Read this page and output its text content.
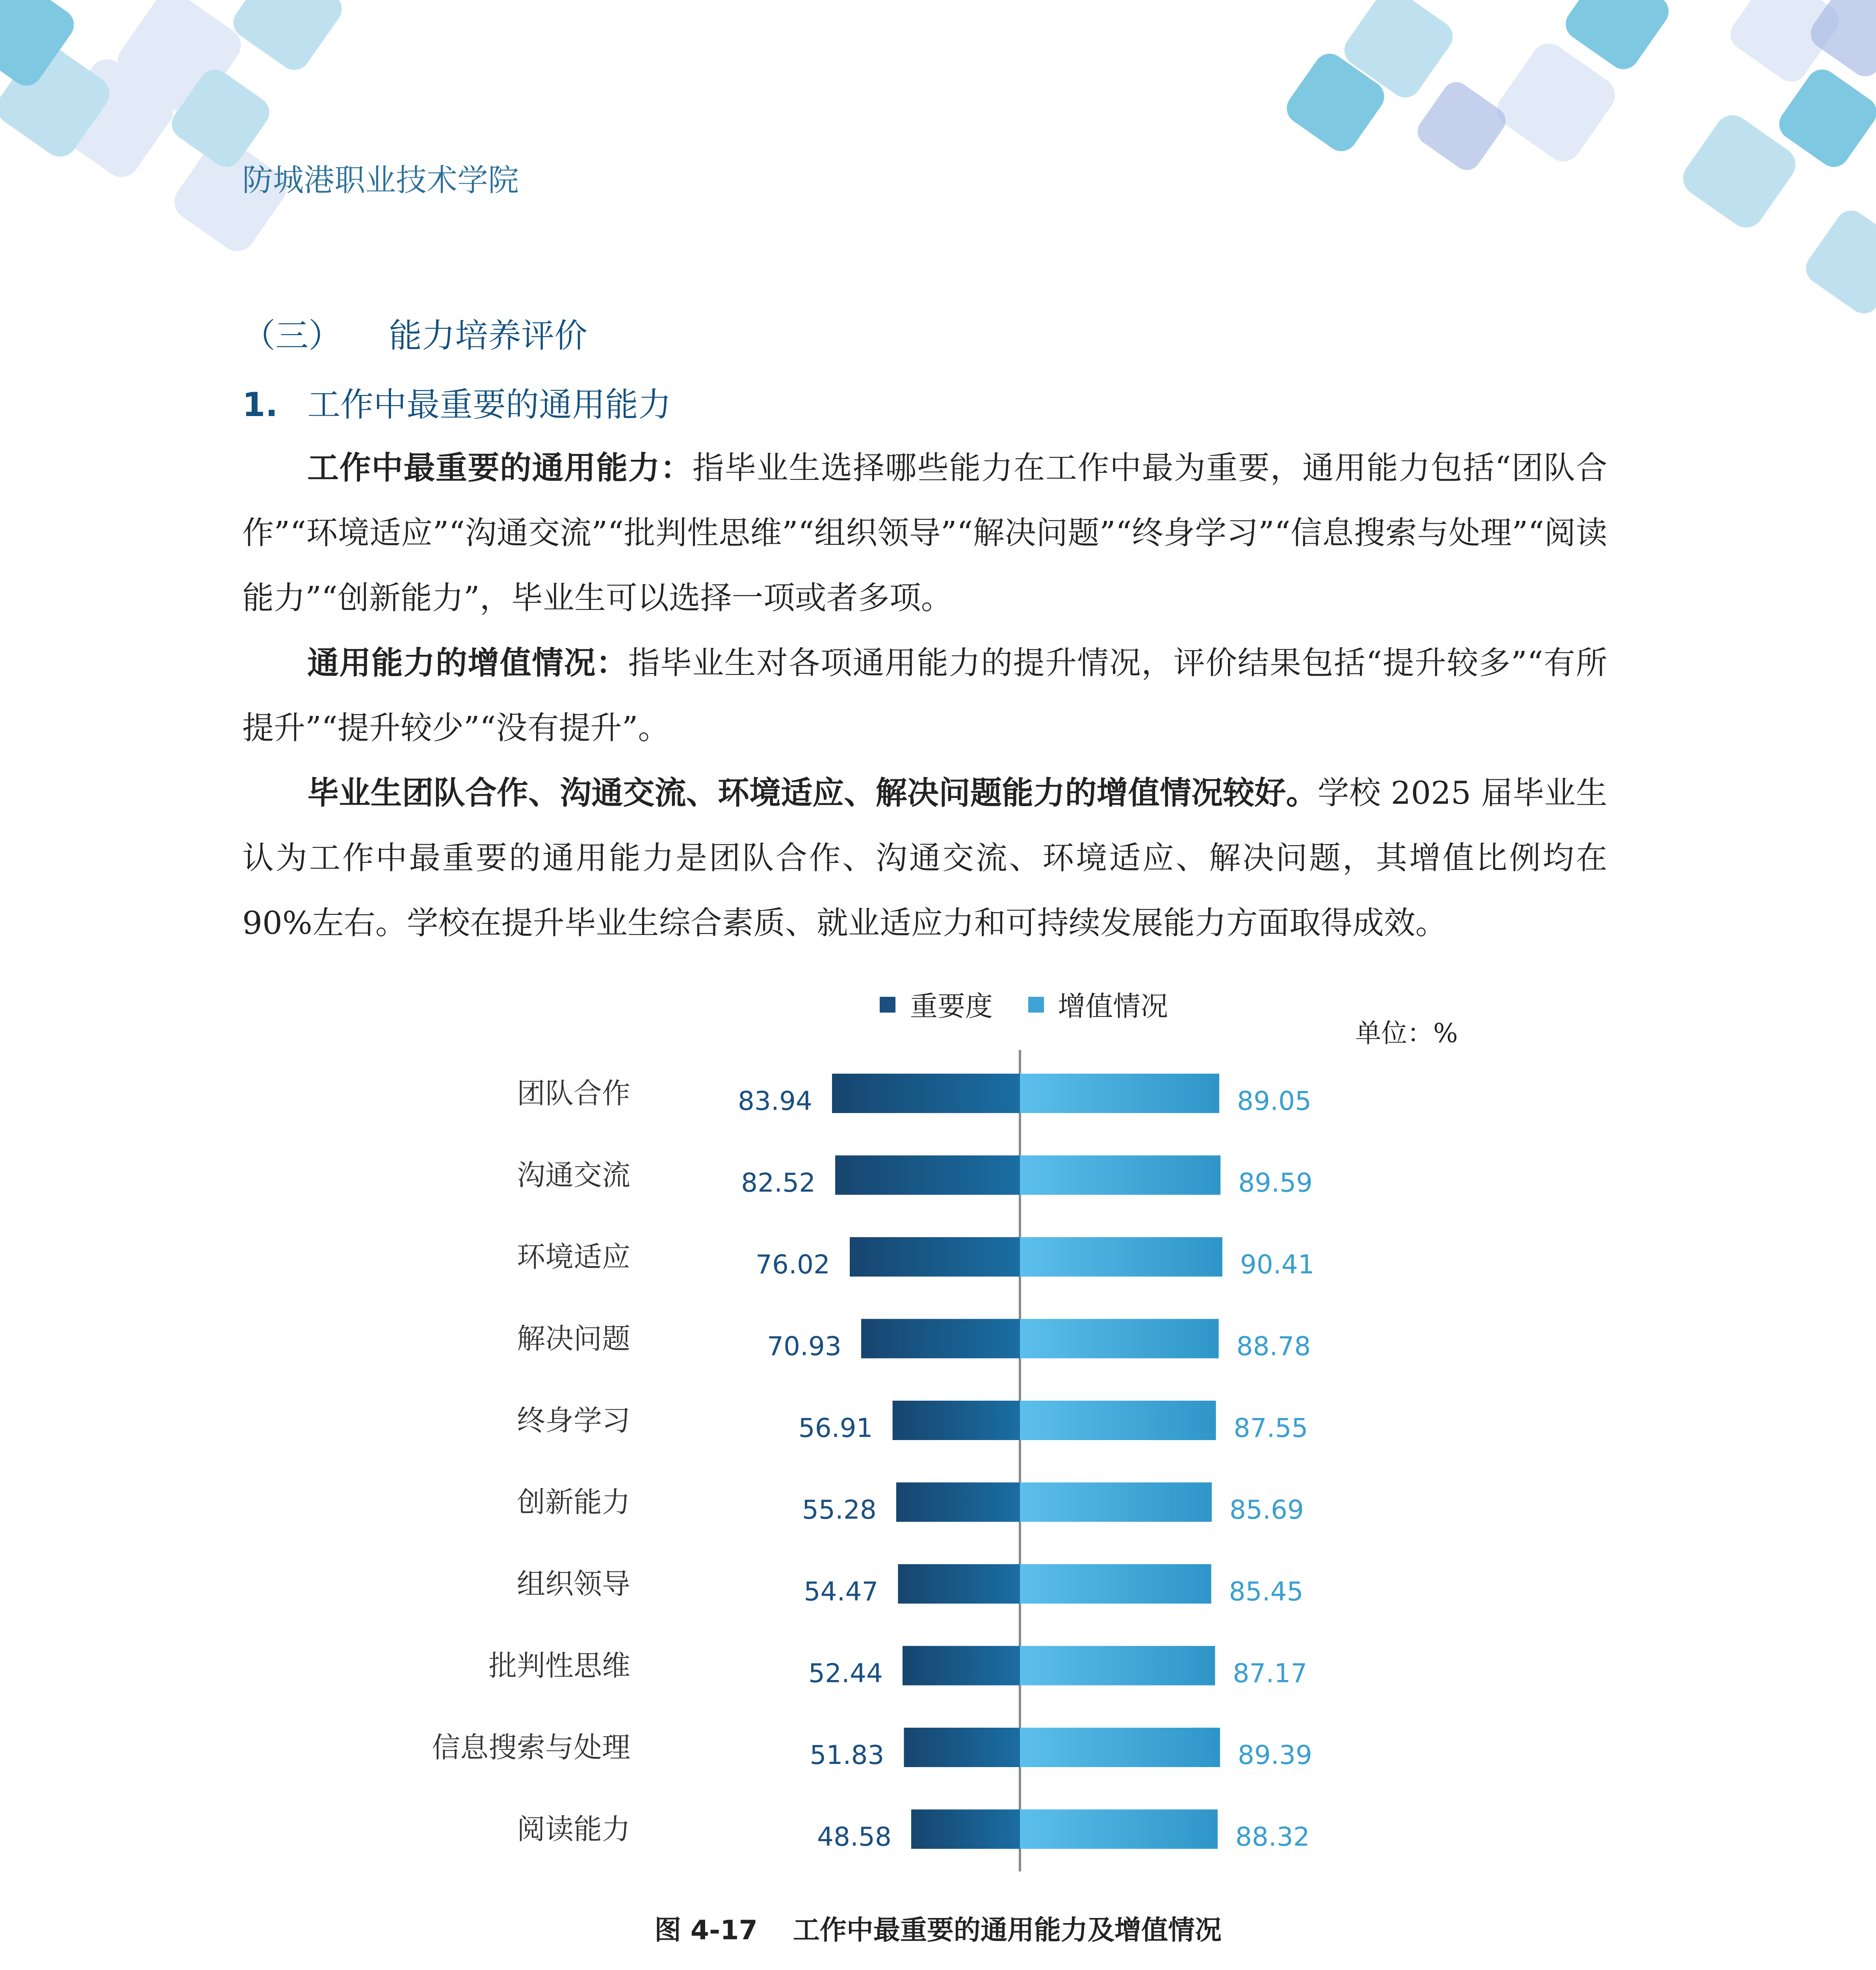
防城港职业技术学院
（三） 能力培养评价
1. 工作中最重要的通用能力

工作中最重要的通用能力：指毕业生选择哪些能力在工作中最为重要，通用能力包括“团队合作”“环境适应”“沟通交流”“批判性思维”“组织领导”“解决问题”“终身学习”“信息搜索与处理”“阅读能力”“创新能力”，毕业生可以选择一项或者多项。

通用能力的增值情况：指毕业生对各项通用能力的提升情况，评价结果包括“提升较多”“有所提升”“提升较少”“没有提升”。

毕业生团队合作、沟通交流、环境适应、解决问题能力的增值情况较好。学校 2025 届毕业生认为工作中最重要的通用能力是团队合作、沟通交流、环境适应、解决问题，其增值比例均在 90%左右。学校在提升毕业生综合素质、就业适应力和可持续发展能力方面取得成效。

重要度 增值情况
单位：%
团队合作	83.94	89.05
沟通交流	82.52	89.59
环境适应	76.02	90.41
解决问题	70.93	88.78
终身学习	56.91	87.55
创新能力	55.28	85.69
组织领导	54.47	85.45
批判性思维	52.44	87.17
信息搜索与处理	51.83	89.39
阅读能力	48.58	88.32
图 4-17 工作中最重要的通用能力及增值情况
